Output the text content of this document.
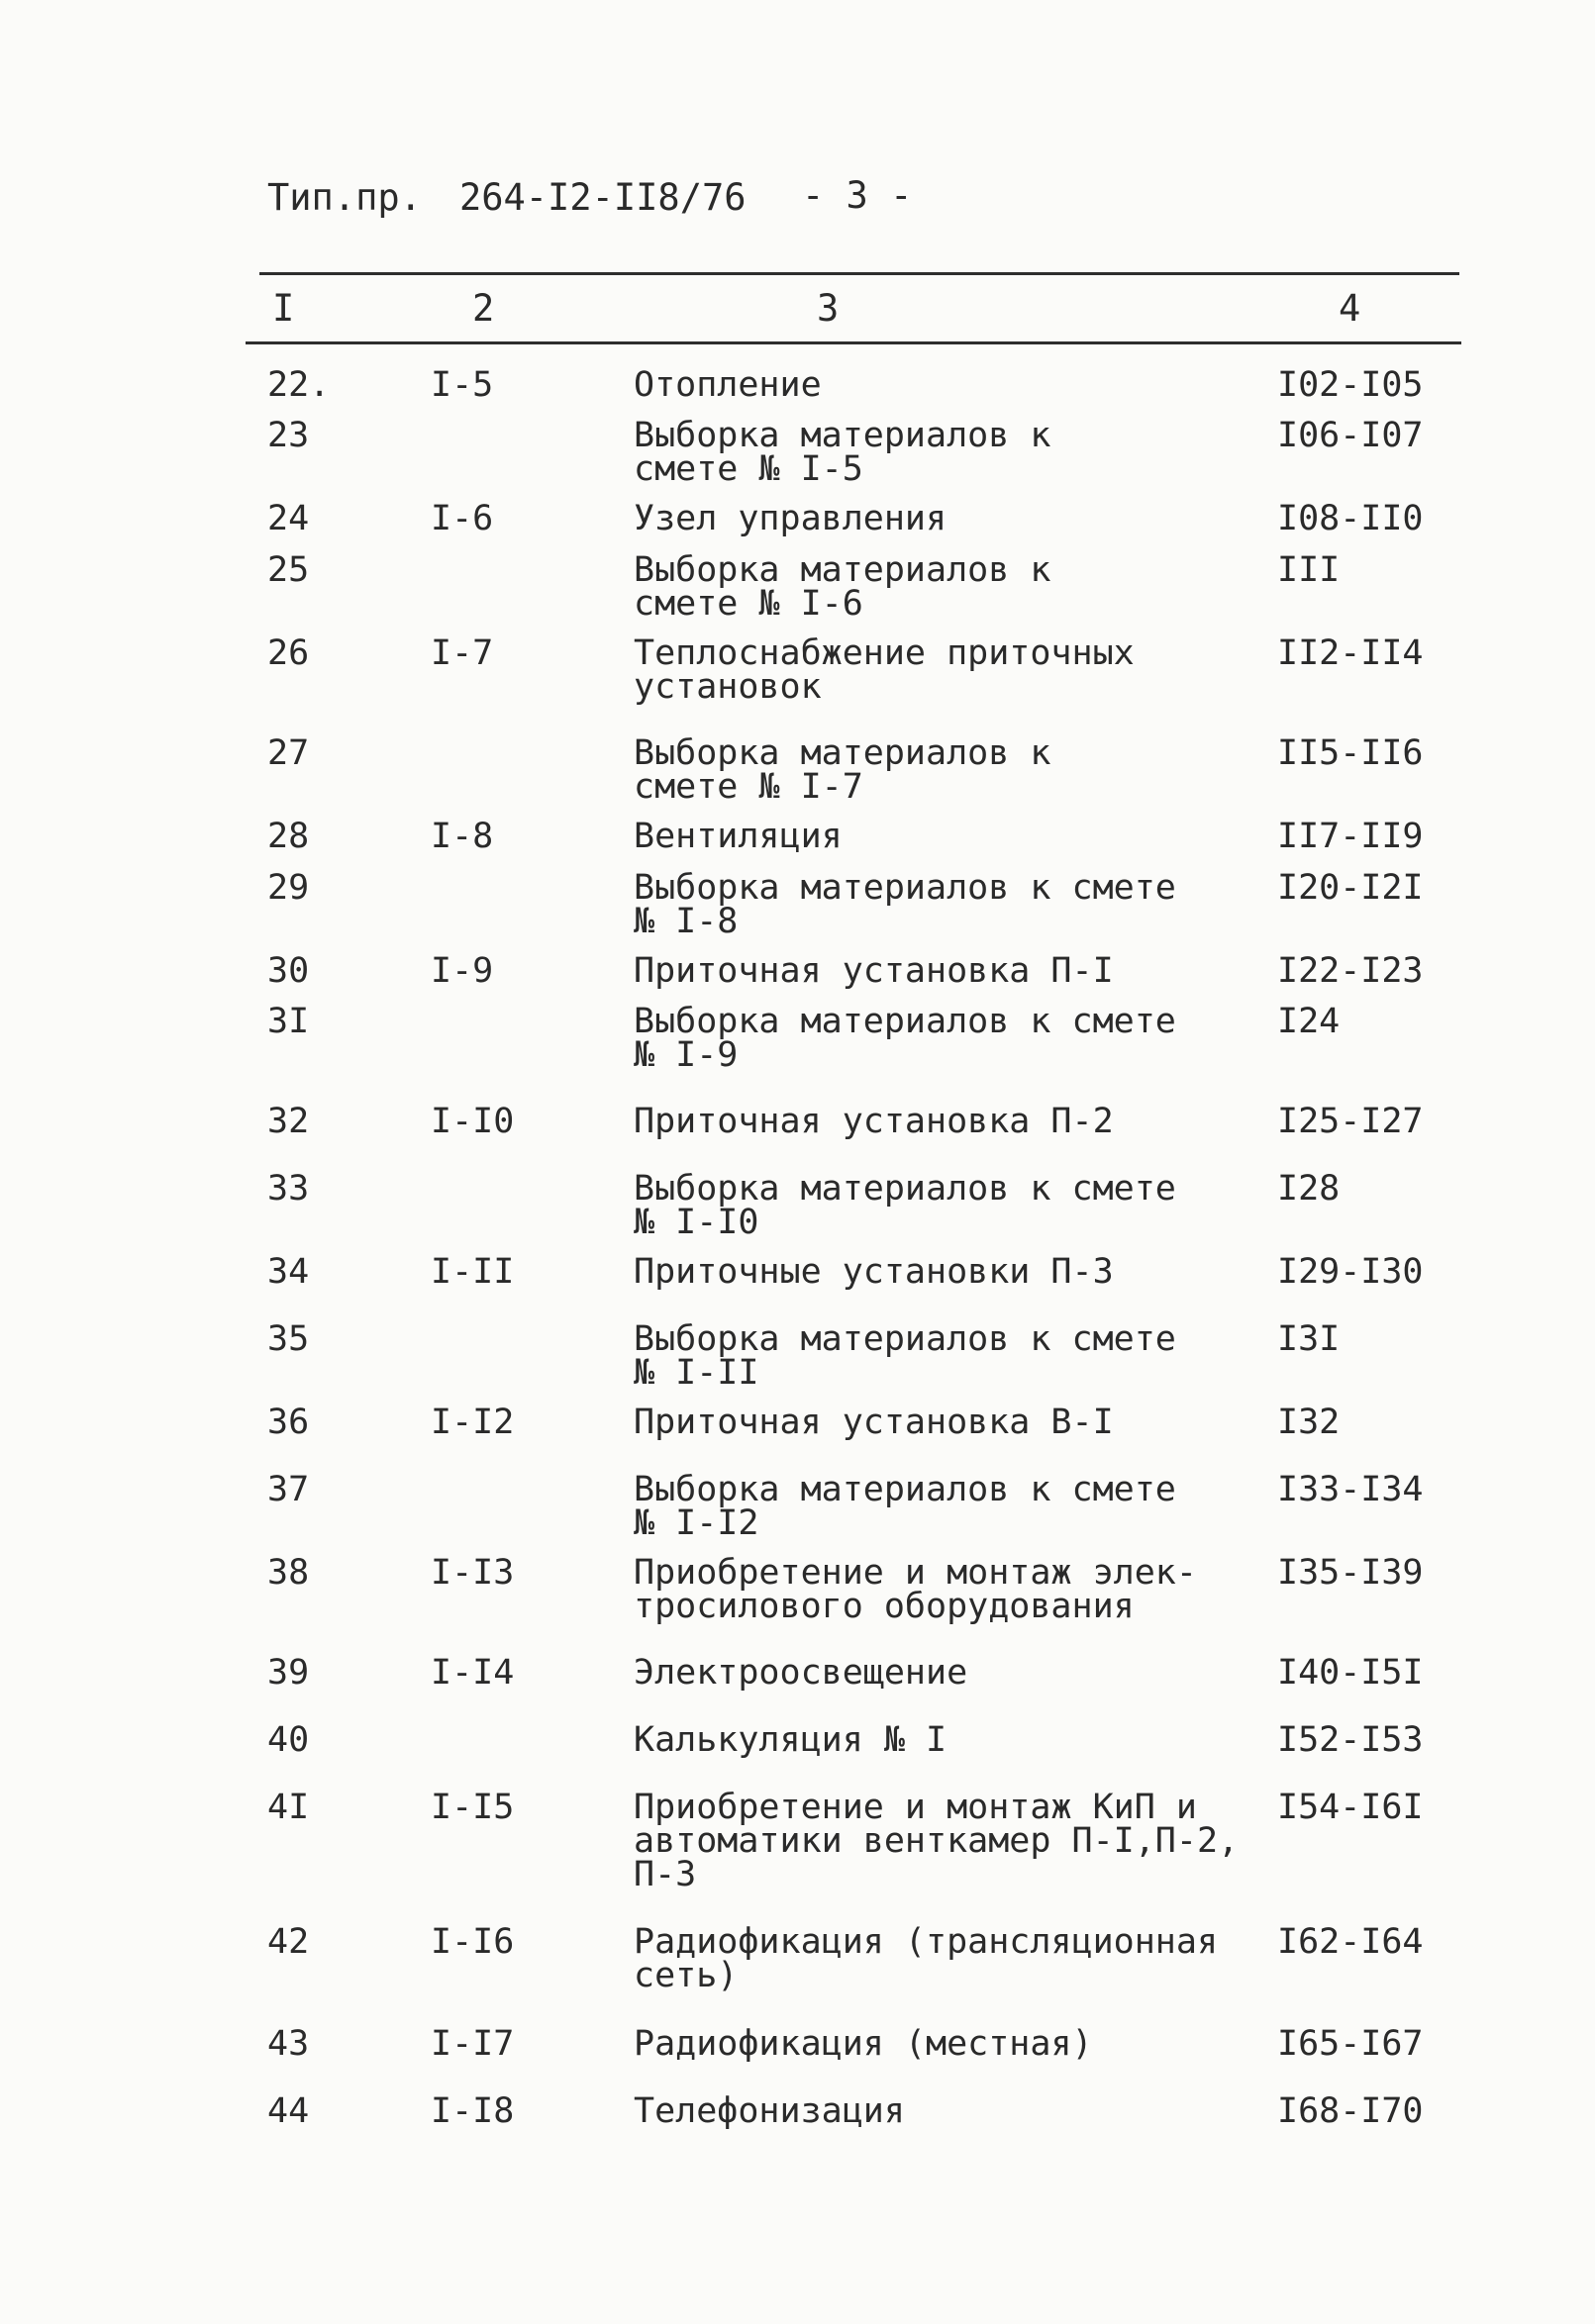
Тип.пр. 264-I2-II8/76 - 3 -
I	2	3	4
22.	I-5	Отопление	I02-I05
23		Выборка материалов к
смете № I-5	I06-I07
24	I-6	Узел управления	I08-II0
25		Выборка материалов к
смете № I-6	III
26	I-7	Теплоснабжение приточных
установок	II2-II4
27		Выборка материалов к
смете № I-7	II5-II6
28	I-8	Вентиляция	II7-II9
29		Выборка материалов к смете
№ I-8	I20-I2I
30	I-9	Приточная установка П-I	I22-I23
3I		Выборка материалов к смете
№ I-9	I24
32	I-I0	Приточная установка П-2	I25-I27
33		Выборка материалов к смете
№ I-I0	I28
34	I-II	Приточные установки П-3	I29-I30
35		Выборка материалов к смете
№ I-II	I3I
36	I-I2	Приточная установка В-I	I32
37		Выборка материалов к смете
№ I-I2	I33-I34
38	I-I3	Приобретение и монтаж элек-
тросилового оборудования	I35-I39
39	I-I4	Электроосвещение	I40-I5I
40		Калькуляция № I	I52-I53
4I	I-I5	Приобретение и монтаж КиП и
автоматики венткамер П-I,П-2,
П-3	I54-I6I
42	I-I6	Радиофикация (трансляционная
сеть)	I62-I64
43	I-I7	Радиофикация (местная)	I65-I67
44	I-I8	Телефонизация	I68-I70
